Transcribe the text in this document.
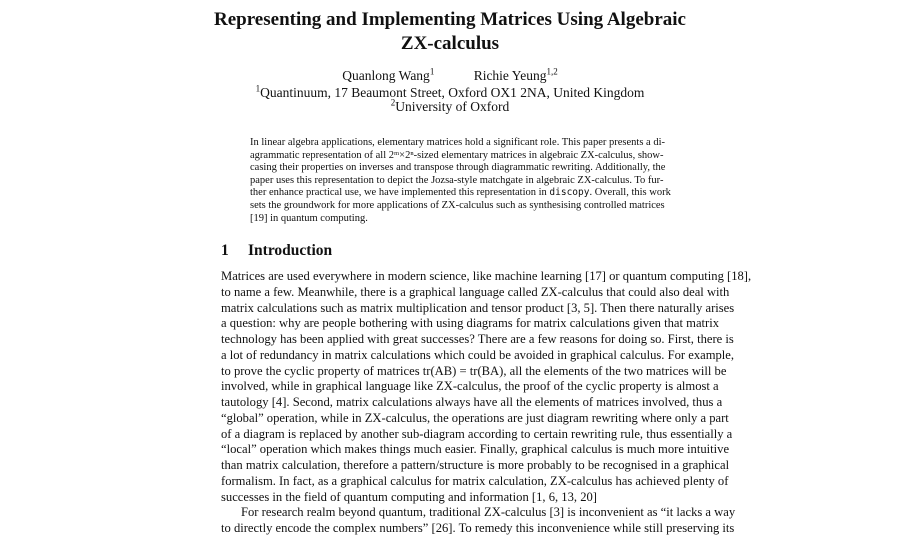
Representing and Implementing Matrices Using Algebraic ZX-calculus
Quanlong Wang$^1$	Richie Yeung$^{1,2}$
$^1$Quantinuum, 17 Beaumont Street, Oxford OX1 2NA, United Kingdom
$^2$University of Oxford
In linear algebra applications, elementary matrices hold a significant role. This paper presents a di-
agrammatic representation of all 2ᵐ×2ⁿ-sized elementary matrices in algebraic ZX-calculus, show-
casing their properties on inverses and transpose through diagrammatic rewriting. Additionally, the
paper uses this representation to depict the Jozsa-style matchgate in algebraic ZX-calculus. To fur-
ther enhance practical use, we have implemented this representation in discopy. Overall, this work
sets the groundwork for more applications of ZX-calculus such as synthesising controlled matrices
[19] in quantum computing.
1 Introduction
Matrices are used everywhere in modern science, like machine learning [17] or quantum computing [18],
to name a few. Meanwhile, there is a graphical language called ZX-calculus that could also deal with
matrix calculations such as matrix multiplication and tensor product [3, 5]. Then there naturally arises
a question: why are people bothering with using diagrams for matrix calculations given that matrix
technology has been applied with great successes? There are a few reasons for doing so. First, there is
a lot of redundancy in matrix calculations which could be avoided in graphical calculus. For example,
to prove the cyclic property of matrices tr(AB) = tr(BA), all the elements of the two matrices will be
involved, while in graphical language like ZX-calculus, the proof of the cyclic property is almost a
tautology [4]. Second, matrix calculations always have all the elements of matrices involved, thus a
“global” operation, while in ZX-calculus, the operations are just diagram rewriting where only a part
of a diagram is replaced by another sub-diagram according to certain rewriting rule, thus essentially a
“local” operation which makes things much easier. Finally, graphical calculus is much more intuitive
than matrix calculation, therefore a pattern/structure is more probably to be recognised in a graphical
formalism. In fact, as a graphical calculus for matrix calculation, ZX-calculus has achieved plenty of
successes in the field of quantum computing and information [1, 6, 13, 20]
For research realm beyond quantum, traditional ZX-calculus [3] is inconvenient as “it lacks a way
to directly encode the complex numbers” [26]. To remedy this inconvenience while still preserving its
